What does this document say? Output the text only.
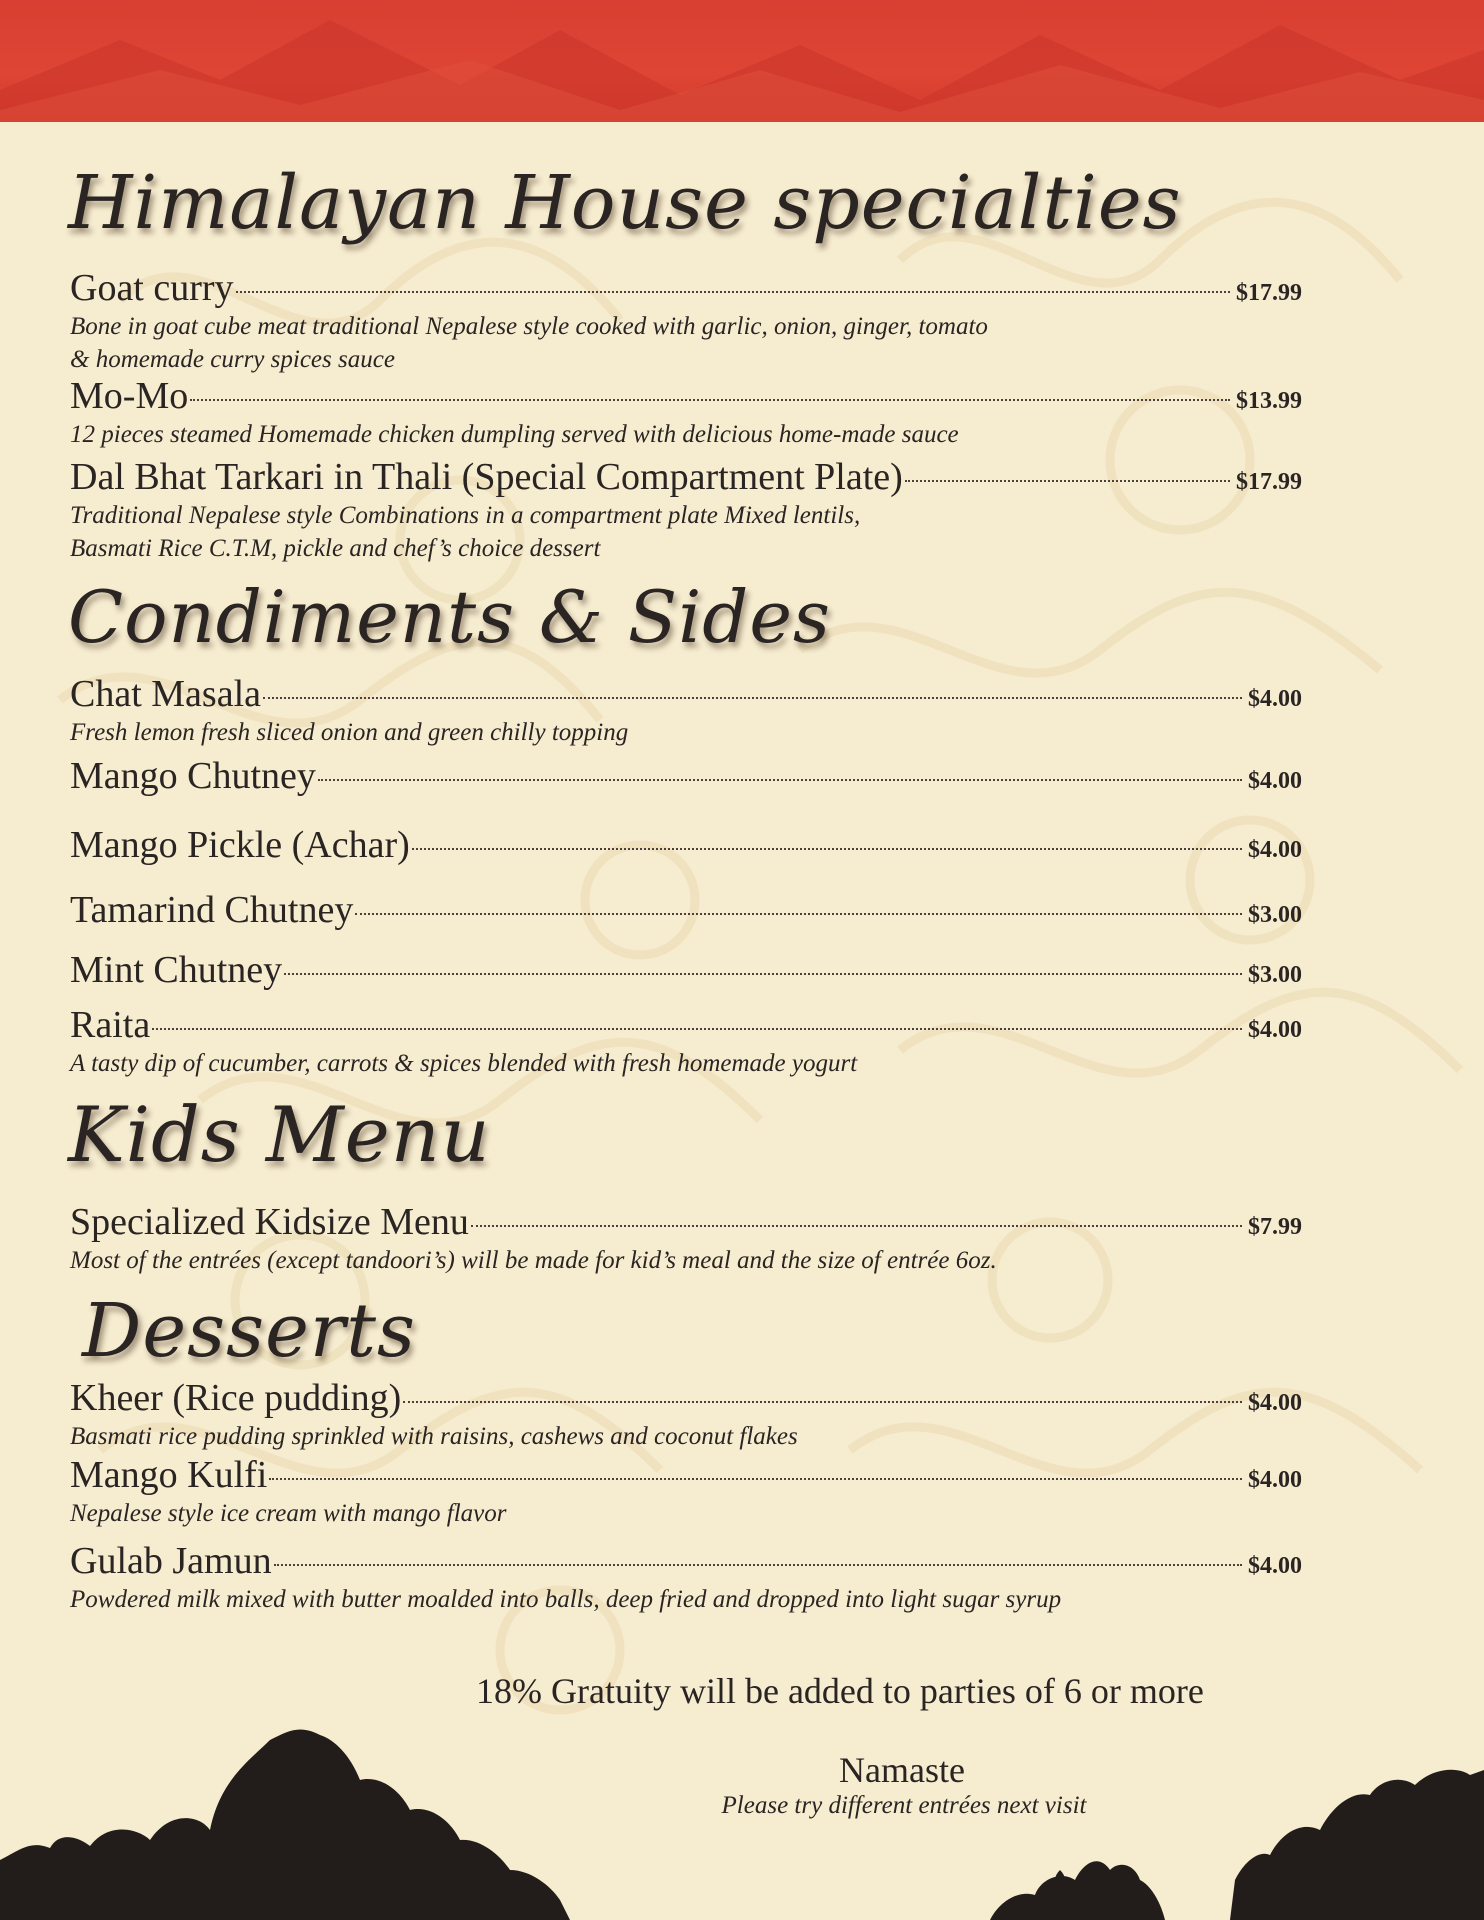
Himalayan House specialties
Goat curry	$17.99
Bone in goat cube meat traditional Nepalese style cooked with garlic, onion, ginger, tomato
& homemade curry spices sauce
Mo-Mo	$13.99
12 pieces steamed Homemade chicken dumpling served with delicious home-made sauce
Dal Bhat Tarkari in Thali (Special Compartment Plate)	$17.99
Traditional Nepalese style Combinations in a compartment plate Mixed lentils,
Basmati Rice C.T.M, pickle and chef’s choice dessert
Condiments & Sides
Chat Masala	$4.00
Fresh lemon fresh sliced onion and green chilly topping
Mango Chutney	$4.00
Mango Pickle (Achar)	$4.00
Tamarind Chutney	$3.00
Mint Chutney	$3.00
Raita	$4.00
A tasty dip of cucumber, carrots & spices blended with fresh homemade yogurt
Kids Menu
Specialized Kidsize Menu	$7.99
Most of the entrées (except tandoori’s) will be made for kid’s meal and the size of entrée 6oz.
Desserts
Kheer (Rice pudding)	$4.00
Basmati rice pudding sprinkled with raisins, cashews and coconut flakes
Mango Kulfi	$4.00
Nepalese style ice cream with mango flavor
Gulab Jamun	$4.00
Powdered milk mixed with butter moalded into balls, deep fried and dropped into light sugar syrup
18% Gratuity will be added to parties of 6 or more
Namaste
Please try different entrées next visit
